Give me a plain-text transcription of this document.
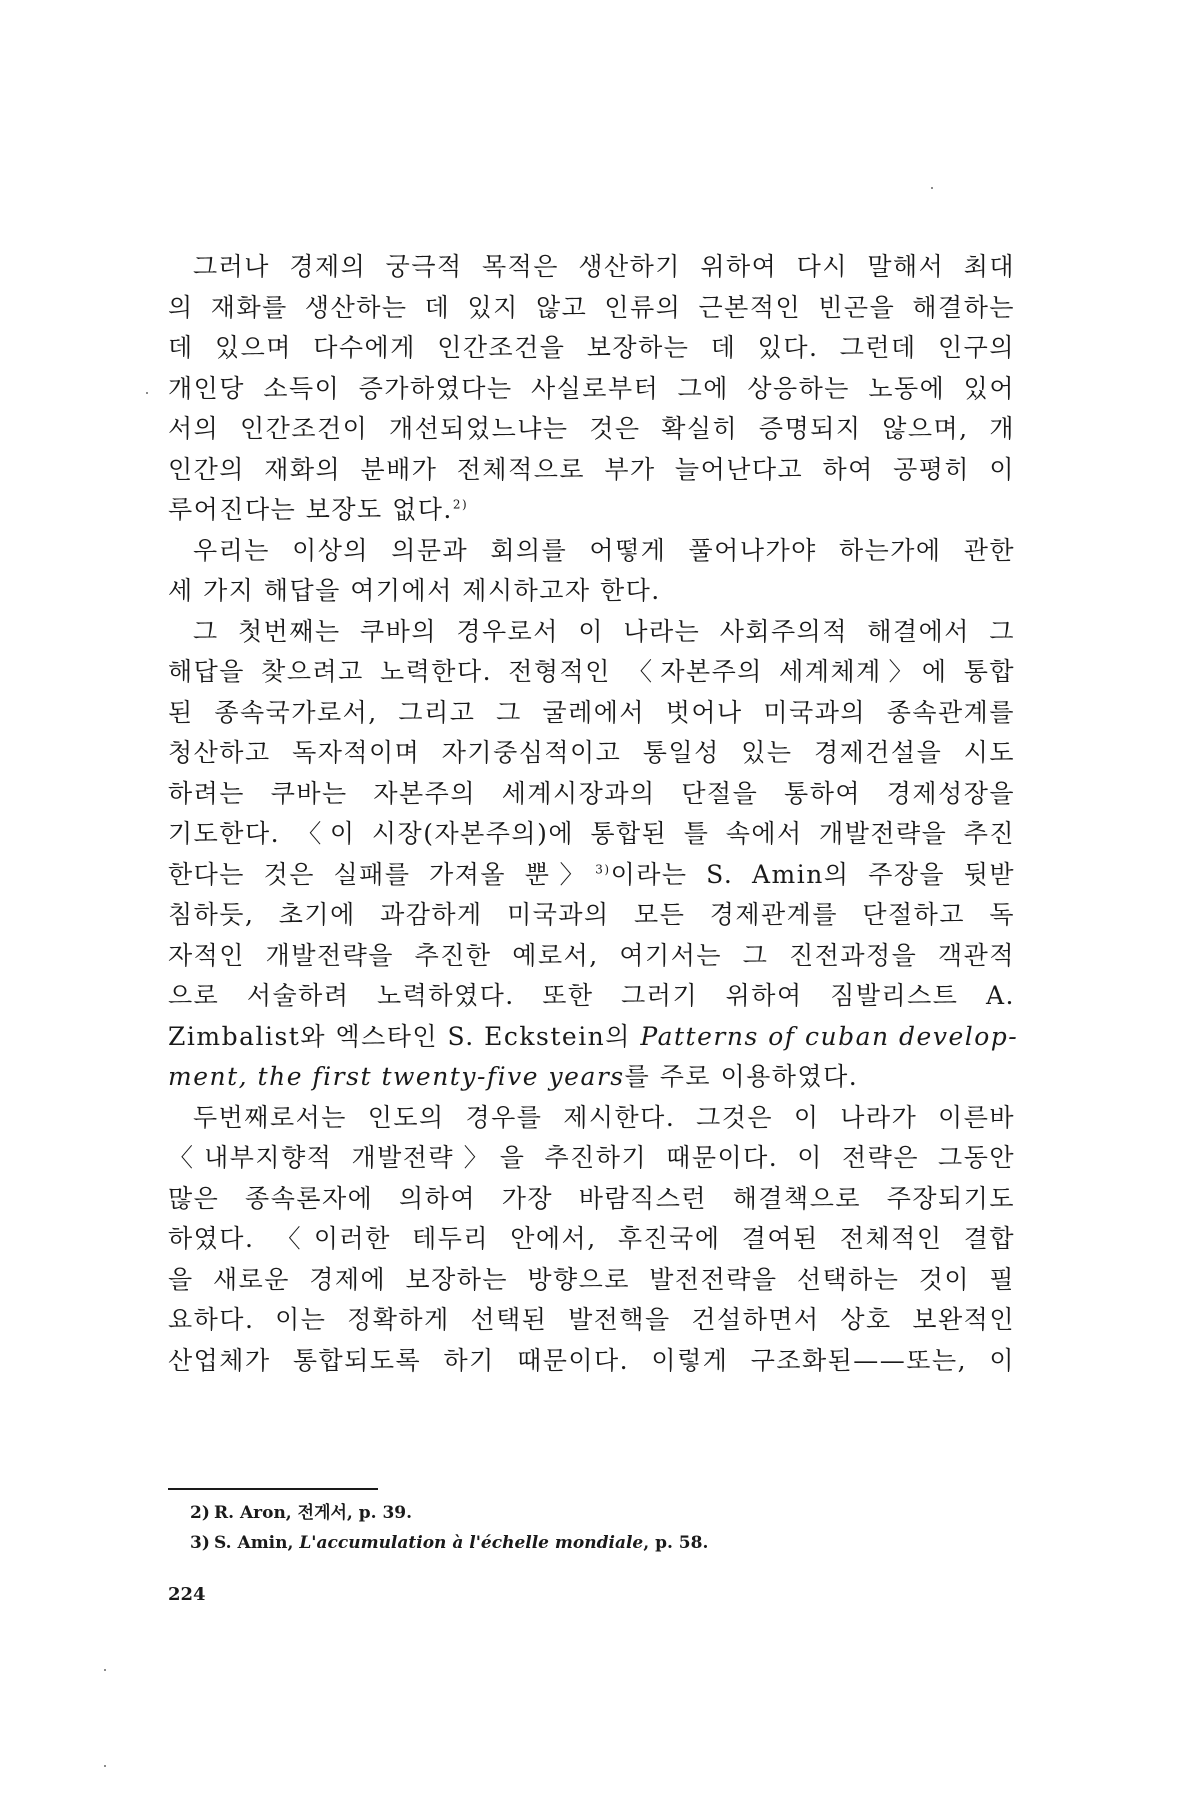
그러나 경제의 궁극적 목적은 생산하기 위하여 다시 말해서 최대
의 재화를 생산하는 데 있지 않고 인류의 근본적인 빈곤을 해결하는
데 있으며 다수에게 인간조건을 보장하는 데 있다. 그런데 인구의
개인당 소득이 증가하였다는 사실로부터 그에 상응하는 노동에 있어
서의 인간조건이 개선되었느냐는 것은 확실히 증명되지 않으며, 개
인간의 재화의 분배가 전체적으로 부가 늘어난다고 하여 공평히 이
루어진다는 보장도 없다.$^{2)}$

우리는 이상의 의문과 회의를 어떻게 풀어나가야 하는가에 관한
세 가지 해답을 여기에서 제시하고자 한다.

그 첫번째는 쿠바의 경우로서 이 나라는 사회주의적 해결에서 그
해답을 찾으려고 노력한다. 전형적인 〈자본주의 세계체계〉에 통합
된 종속국가로서, 그리고 그 굴레에서 벗어나 미국과의 종속관계를
청산하고 독자적이며 자기중심적이고 통일성 있는 경제건설을 시도
하려는 쿠바는 자본주의 세계시장과의 단절을 통하여 경제성장을
기도한다. 〈이 시장(자본주의)에 통합된 틀 속에서 개발전략을 추진
한다는 것은 실패를 가져올 뿐〉$^{3)}$이라는 S. Amin의 주장을 뒷받
침하듯, 초기에 과감하게 미국과의 모든 경제관계를 단절하고 독
자적인 개발전략을 추진한 예로서, 여기서는 그 진전과정을 객관적
으로 서술하려 노력하였다. 또한 그러기 위하여 짐발리스트 A.
Zimbalist와 엑스타인 S. Eckstein의 Patterns of cuban develop-
ment, the first twenty-five years를 주로 이용하였다.

두번째로서는 인도의 경우를 제시한다. 그것은 이 나라가 이른바
〈내부지향적 개발전략〉을 추진하기 때문이다. 이 전략은 그동안
많은 종속론자에 의하여 가장 바람직스런 해결책으로 주장되기도
하였다. 〈이러한 테두리 안에서, 후진국에 결여된 전체적인 결합
을 새로운 경제에 보장하는 방향으로 발전전략을 선택하는 것이 필
요하다. 이는 정확하게 선택된 발전핵을 건설하면서 상호 보완적인
산업체가 통합되도록 하기 때문이다. 이렇게 구조화된——또는, 이

2) R. Aron, 전게서, p. 39.

3) S. Amin, L'accumulation à l'échelle mondiale, p. 58.

224
